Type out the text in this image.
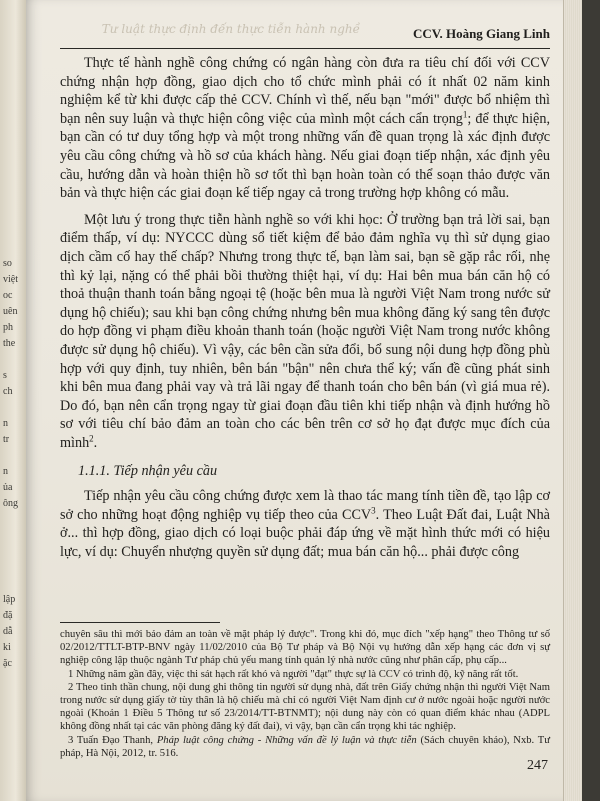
so
việt
oc
uên
ph
the
s
ch
n
tr
n
ủa
ông
lập
đặ
dẫ
ki
ặc
Tư luật thực định đến thực tiễn hành nghề	CCV. Hoàng Giang Linh

Thực tế hành nghề công chứng có ngân hàng còn đưa ra tiêu chí đối với CCV chứng nhận hợp đồng, giao dịch cho tổ chức mình phải có ít nhất 02 năm kinh nghiệm kể từ khi được cấp thẻ CCV. Chính vì thế, nếu bạn "mới" được bổ nhiệm thì bạn nên suy luận và thực hiện công việc của mình một cách cẩn trọng$^1$; để thực hiện, bạn cần có tư duy tổng hợp và một trong những vấn đề quan trọng là xác định được yêu cầu công chứng và hồ sơ của khách hàng. Nếu giai đoạn tiếp nhận, xác định yêu cầu, hướng dẫn và hoàn thiện hồ sơ tốt thì bạn hoàn toàn có thể soạn thảo được văn bản và thực hiện các giai đoạn kế tiếp ngay cả trong trường hợp không có mẫu.

Một lưu ý trong thực tiễn hành nghề so với khi học: Ở trường bạn trả lời sai, bạn điểm thấp, ví dụ: NYCCC dùng sổ tiết kiệm để bảo đảm nghĩa vụ thì sử dụng giao dịch cầm cố hay thế chấp? Nhưng trong thực tế, bạn làm sai, bạn sẽ gặp rắc rối, nhẹ thì kỷ lại, nặng có thể phải bồi thường thiệt hại, ví dụ: Hai bên mua bán căn hộ có thoả thuận thanh toán bằng ngoại tệ (hoặc bên mua là người Việt Nam trong nước sử dụng hộ chiếu); sau khi bạn công chứng nhưng bên mua không đăng ký sang tên được do hợp đồng vi phạm điều khoản thanh toán (hoặc người Việt Nam trong nước không được sử dụng hộ chiếu). Vì vậy, các bên cần sửa đổi, bổ sung nội dung hợp đồng phù hợp với quy định, tuy nhiên, bên bán "bận" nên chưa thể ký; vấn đề cũng phát sinh khi bên mua đang phải vay và trả lãi ngay để thanh toán cho bên bán (vì giá mua rẻ). Do đó, bạn nên cẩn trọng ngay từ giai đoạn đầu tiên khi tiếp nhận và định hướng hồ sơ với tiêu chí bảo đảm an toàn cho các bên trên cơ sở họ đạt được mục đích của mình$^2$.

1.1.1. Tiếp nhận yêu cầu

Tiếp nhận yêu cầu công chứng được xem là thao tác mang tính tiền đề, tạo lập cơ sở cho những hoạt động nghiệp vụ tiếp theo của CCV$^3$. Theo Luật Đất đai, Luật Nhà ở... thì hợp đồng, giao dịch có loại buộc phải đáp ứng về mặt hình thức mới có hiệu lực, ví dụ: Chuyển nhượng quyền sử dụng đất; mua bán căn hộ... phải được công

chuyên sâu thì mới bảo đảm an toàn về mặt pháp lý được". Trong khi đó, mục đích "xếp hạng" theo Thông tư số 02/2012/TTLT-BTP-BNV ngày 11/02/2010 của Bộ Tư pháp và Bộ Nội vụ hướng dẫn xếp hạng các đơn vị sự nghiệp công lập thuộc ngành Tư pháp chủ yếu mang tính quản lý nhà nước cũng như phân cấp, phụ cấp...
1 Những năm gần đây, việc thi sát hạch rất khó và người "đạt" thực sự là CCV có trình độ, kỹ năng rất tốt.
2 Theo tinh thần chung, nội dung ghi thông tin người sử dụng nhà, đất trên Giấy chứng nhận thì người Việt Nam trong nước sử dụng giấy tờ tùy thân là hộ chiếu mà chỉ có người Việt Nam định cư ở nước ngoài hoặc người nước ngoài (Khoản 1 Điều 5 Thông tư số 23/2014/TT-BTNMT); nội dung này còn có quan điểm khác nhau (ADPL không đồng nhất tại các văn phòng đăng ký đất đai), vì vậy, bạn cần cẩn trọng khi tác nghiệp.
3 Tuấn Đạo Thanh, Pháp luật công chứng - Những vấn đề lý luận và thực tiễn (Sách chuyên khảo), Nxb. Tư pháp, Hà Nội, 2012, tr. 516.
247
